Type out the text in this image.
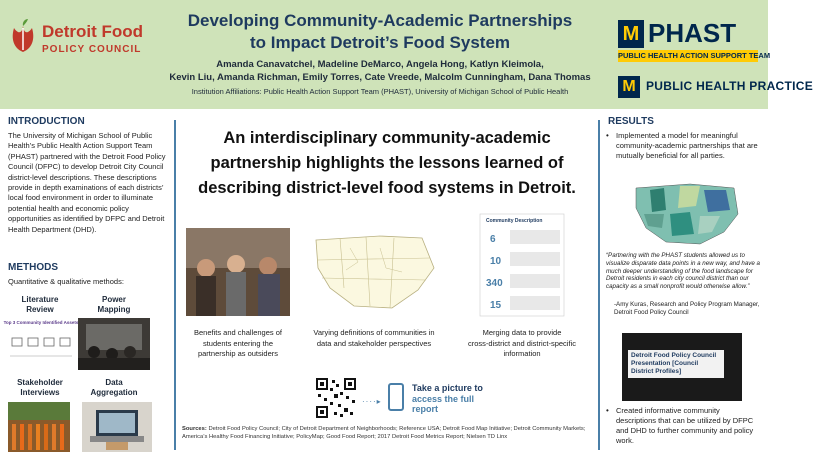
Detroit Food
POLICY COUNCIL
Developing Community-Academic Partnerships
to Impact Detroit’s Food System
Amanda Canavatchel, Madeline DeMarco, Angela Hong, Katlyn Kleimola,
Kevin Liu, Amanda Richman, Emily Torres, Cate Vreede, Malcolm Cunningham, Dana Thomas
Institution Affiliations: Public Health Action Support Team (PHAST), University of Michigan School of Public Health
M PHAST
PUBLIC HEALTH ACTION SUPPORT TEAM
M PUBLIC HEALTH PRACTICE
INTRODUCTION
The University of Michigan School of Public Health’s Public Health Action Support Team (PHAST) partnered with the Detroit Food Policy Council (DFPC) to develop Detroit City Council district-level descriptions. These descriptions provide in depth examinations of each districts’ local food environment in order to illuminate potential health and economic policy opportunities as identified by DFPC and Detroit Health Department (DHD).
METHODS
Quantitative & qualitative methods:
Literature
Review
Power
Mapping
Top 3 Community Identified Assets
Stakeholder
Interviews
Data
Aggregation
An interdisciplinary community-academic partnership highlights the lessons learned of describing district-level food systems in Detroit.
Community Description
6
10
340
15
Benefits and challenges of
students entering the
partnership as outsiders
Varying definitions of communities in
data and stakeholder perspectives
Merging data to provide
cross-district and district-specific
information
····▸
Take a picture to
access the full
report
Sources: Detroit Food Policy Council; City of Detroit Department of Neighborhoods; Reference USA; Detroit Food Map Initiative; Detroit Community Markets; America’s Healthy Food Financing Initiative; PolicyMap; Good Food Report; 2017 Detroit Food Metrics Report; Nielsen TD Linx
RESULTS
• Implemented a model for meaningful community-academic partnerships that are mutually beneficial for all parties.
“Partnering with the PHAST students allowed us to visualize disparate data points in a new way, and have a much deeper understanding of the food landscape for Detroit residents in each city council district than our capacity as a small nonprofit would otherwise allow.”
-Amy Kuras, Research and Policy Program Manager, Detroit Food Policy Council
Detroit Food Policy Council Presentation [Council District Profiles]
• Created informative community descriptions that can be utilized by DFPC and DHD to further community and policy work.
